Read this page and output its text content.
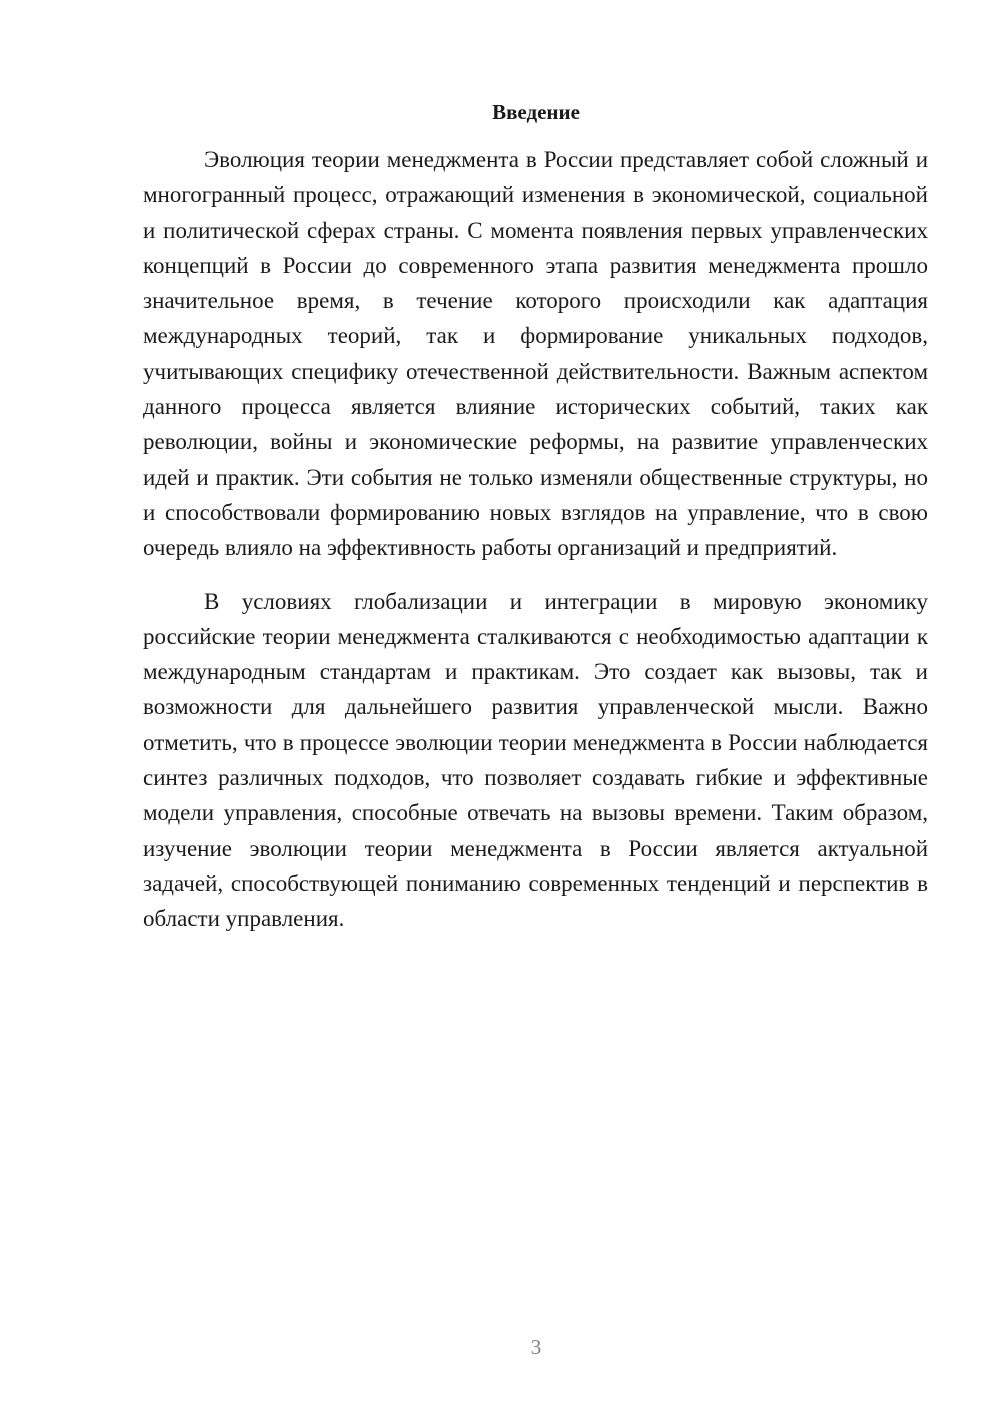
Введение

Эволюция теории менеджмента в России представляет собой сложный и многогранный процесс, отражающий изменения в экономической, социальной и политической сферах страны. С момента появления первых управленческих концепций в России до современного этапа развития менеджмента прошло значительное время, в течение которого происходили как адаптация международных теорий, так и формирование уникальных подходов, учитывающих специфику отечественной действительности. Важным аспектом данного процесса является влияние исторических событий, таких как революции, войны и экономические реформы, на развитие управленческих идей и практик. Эти события не только изменяли общественные структуры, но и способствовали формированию новых взглядов на управление, что в свою очередь влияло на эффективность работы организаций и предприятий.

В условиях глобализации и интеграции в мировую экономику российские теории менеджмента сталкиваются с необходимостью адаптации к международным стандартам и практикам. Это создает как вызовы, так и возможности для дальнейшего развития управленческой мысли. Важно отметить, что в процессе эволюции теории менеджмента в России наблюдается синтез различных подходов, что позволяет создавать гибкие и эффективные модели управления, способные отвечать на вызовы времени. Таким образом, изучение эволюции теории менеджмента в России является актуальной задачей, способствующей пониманию современных тенденций и перспектив в области управления.

3
